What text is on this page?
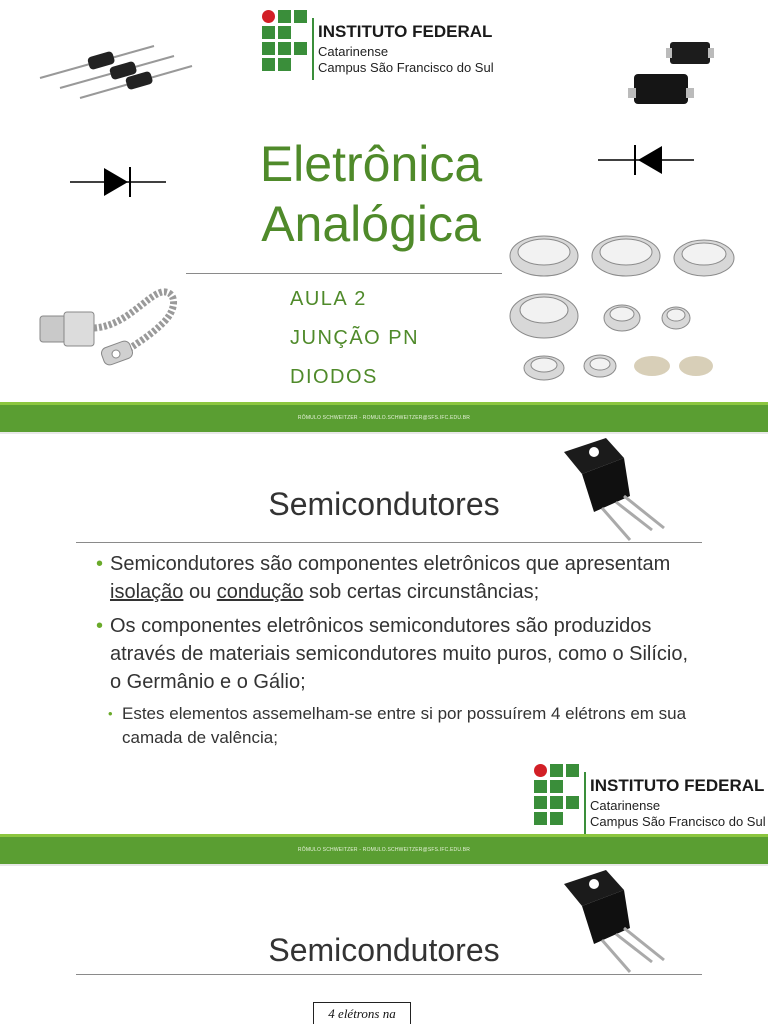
INSTITUTO FEDERAL
Catarinense
Campus São Francisco do Sul
Eletrônica
Analógica
AULA 2
JUNÇÃO PN
DIODOS
RÔMULO SCHWEITZER - ROMULO.SCHWEITZER@SFS.IFC.EDU.BR
Semicondutores
• Semicondutores são componentes eletrônicos que apresentam isolação ou condução sob certas circunstâncias;
• Os componentes eletrônicos semicondutores são produzidos através de materiais semicondutores muito puros, como o Silício, o Germânio e o Gálio;
• Estes elementos assemelham-se entre si por possuírem 4 elétrons em sua camada de valência;
INSTITUTO FEDERAL
Catarinense
Campus São Francisco do Sul
RÔMULO SCHWEITZER - ROMULO.SCHWEITZER@SFS.IFC.EDU.BR
Semicondutores
4 elétrons na
